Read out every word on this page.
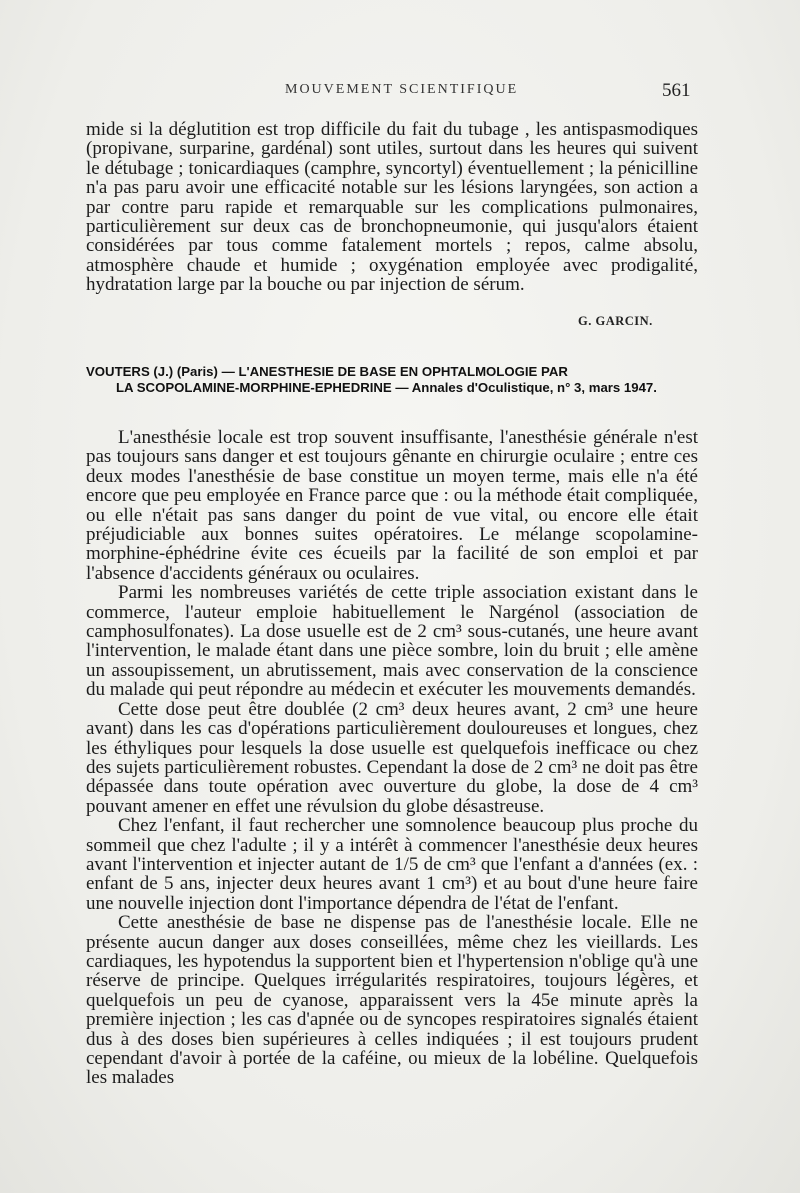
MOUVEMENT SCIENTIFIQUE	561

mide si la déglutition est trop difficile du fait du tubage , les antispasmodiques (propivane, surparine, gardénal) sont utiles, surtout dans les heures qui suivent le détubage ; tonicardiaques (camphre, syncortyl) éventuellement ; la pénicilline n'a pas paru avoir une efficacité notable sur les lésions laryngées, son action a par contre paru rapide et remarquable sur les complications pulmonaires, particulièrement sur deux cas de bronchopneumonie, qui jusqu'alors étaient considérées par tous comme fatalement mortels ; repos, calme absolu, atmosphère chaude et humide ; oxygénation employée avec prodigalité, hydratation large par la bouche ou par injection de sérum.

G. GARCIN.
VOUTERS (J.) (Paris) — L'ANESTHESIE DE BASE EN OPHTALMOLOGIE PAR
LA SCOPOLAMINE-MORPHINE-EPHEDRINE — Annales d'Oculistique, n° 3, mars 1947.

L'anesthésie locale est trop souvent insuffisante, l'anesthésie générale n'est pas toujours sans danger et est toujours gênante en chirurgie oculaire ; entre ces deux modes l'anesthésie de base constitue un moyen terme, mais elle n'a été encore que peu employée en France parce que : ou la méthode était compliquée, ou elle n'était pas sans danger du point de vue vital, ou encore elle était préjudiciable aux bonnes suites opératoires. Le mélange scopolamine-morphine-éphédrine évite ces écueils par la facilité de son emploi et par l'absence d'accidents généraux ou oculaires.

Parmi les nombreuses variétés de cette triple association existant dans le commerce, l'auteur emploie habituellement le Nargénol (association de camphosulfonates). La dose usuelle est de 2 cm³ sous-cutanés, une heure avant l'intervention, le malade étant dans une pièce sombre, loin du bruit ; elle amène un assoupissement, un abrutissement, mais avec conservation de la conscience du malade qui peut répondre au médecin et exécuter les mouvements demandés.

Cette dose peut être doublée (2 cm³ deux heures avant, 2 cm³ une heure avant) dans les cas d'opérations particulièrement douloureuses et longues, chez les éthyliques pour lesquels la dose usuelle est quelquefois inefficace ou chez des sujets particulièrement robustes. Cependant la dose de 2 cm³ ne doit pas être dépassée dans toute opération avec ouverture du globe, la dose de 4 cm³ pouvant amener en effet une révulsion du globe désastreuse.

Chez l'enfant, il faut rechercher une somnolence beaucoup plus proche du sommeil que chez l'adulte ; il y a intérêt à commencer l'anesthésie deux heures avant l'intervention et injecter autant de 1/5 de cm³ que l'enfant a d'années (ex. : enfant de 5 ans, injecter deux heures avant 1 cm³) et au bout d'une heure faire une nouvelle injection dont l'importance dépendra de l'état de l'enfant.

Cette anesthésie de base ne dispense pas de l'anesthésie locale. Elle ne présente aucun danger aux doses conseillées, même chez les vieillards. Les cardiaques, les hypotendus la supportent bien et l'hypertension n'oblige qu'à une réserve de principe. Quelques irrégularités respiratoires, toujours légères, et quelquefois un peu de cyanose, apparaissent vers la 45e minute après la première injection ; les cas d'apnée ou de syncopes respiratoires signalés étaient dus à des doses bien supérieures à celles indiquées ; il est toujours prudent cependant d'avoir à portée de la caféine, ou mieux de la lobéline. Quelquefois les malades
